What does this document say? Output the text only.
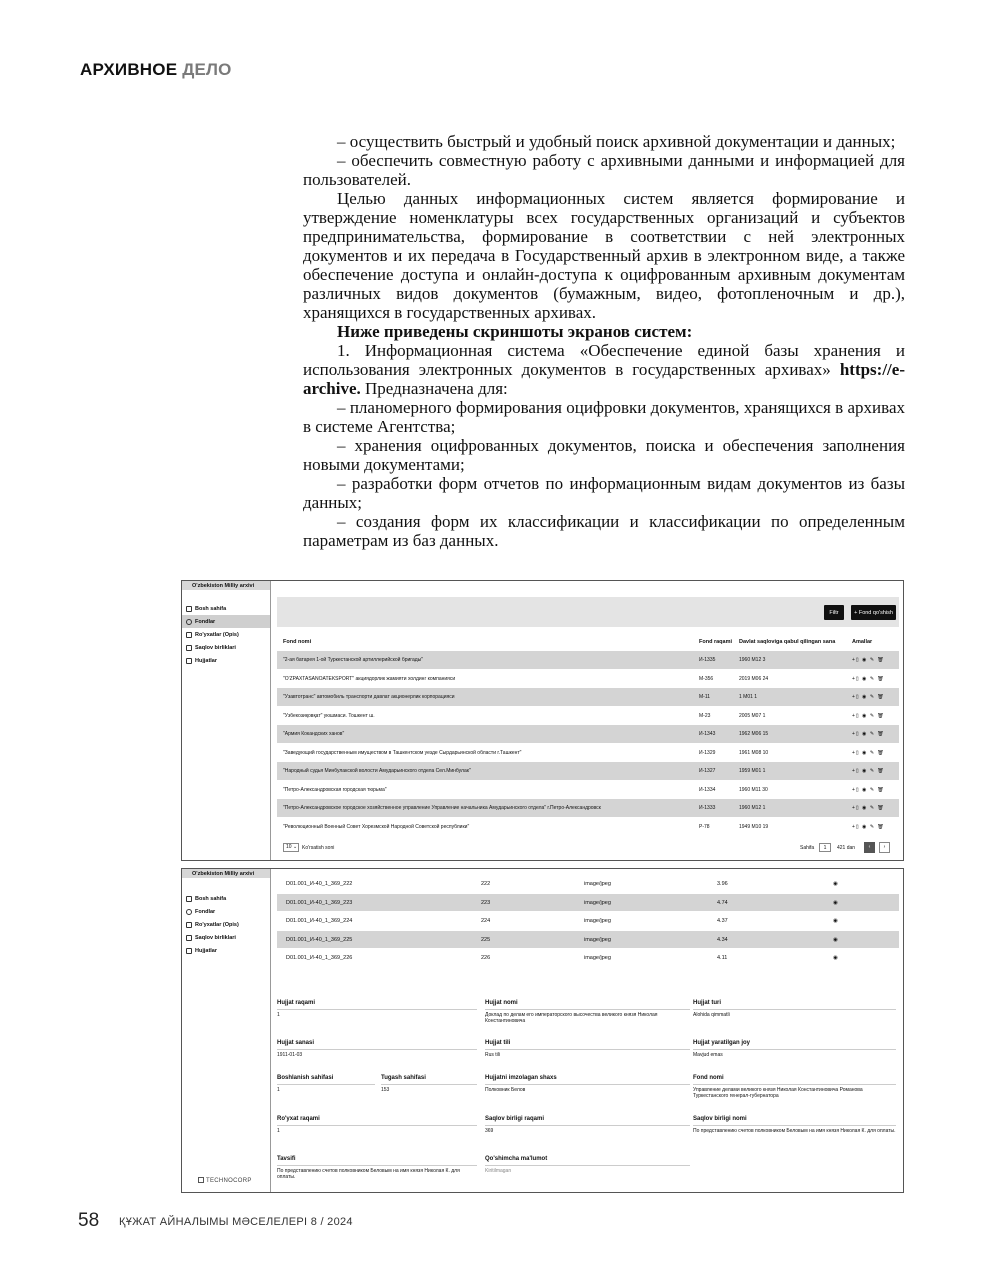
АРХИВНОЕ ДЕЛО

– осуществить быстрый и удобный поиск архивной документации и данных;

– обеспечить совместную работу с архивными данными и информацией для пользователей.

Целью данных информационных систем является формирование и утверждение номенклатуры всех государственных организаций и субъектов предпринимательства, формирование в соответствии с ней электронных документов и их передача в Государственный архив в электронном виде, а также обеспечение доступа и онлайн-доступа к оцифрованным архивным документам различных видов документов (бумажным, видео, фотопленочным и др.), хранящихся в государственных архивах.

Ниже приведены скриншоты экранов систем:

1. Информационная система «Обеспечение единой базы хранения и использования электронных документов в государственных архивах» https://e-archive. Предназначена для:

– планомерного формирования оцифровки документов, хранящихся в архивах в системе Агентства;

– хранения оцифрованных документов, поиска и обеспечения заполнения новыми документами;

– разработки форм отчетов по информационным видам документов из базы данных;

– создания форм их классификации и классификации по определенным параметрам из баз данных.

O'zbekiston Milliy arxivi
Bosh sahifa
Fondlar
Ro'yxatlar (Opis)
Saqlov birliklari
Hujjatlar
Filtr	+ Fond qo'shish
Fond nomi	Fond raqami	Davlat saqloviga qabul qilingan sana	Amallar
"2-ая батарея 1-ой Туркестанской артиллерийской бригады"	И-1335	1960 M12 3	+▯ ◉ ✎ 🗑
"O'ZPAXTASANOATEKSPORT" акциядорлик жамияти холдинг компанияси	M-356	2019 M06 24	+▯ ◉ ✎ 🗑
"Ўзавтотранс" автомобиль транспорти давлат акционерлик корпорацияси	M-11	1 M01 1	+▯ ◉ ✎ 🗑
"Ўзбекозиқовқат" уюшмаси. Тошкент ш.	M-23	2005 M07 1	+▯ ◉ ✎ 🗑
"Армия Кокандских ханов"	И-1343	1962 M06 15	+▯ ◉ ✎ 🗑
"Заведующий государственным имуществом в Ташкентском уезде Сырдарьинской области г.Ташкент"	И-1329	1961 M08 10	+▯ ◉ ✎ 🗑
"Народный судья Минбулакской волости Амударьинского отдела Сел.Минбулак"	И-1327	1959 M01 1	+▯ ◉ ✎ 🗑
"Петро-Александровская городская тюрьма"	И-1334	1960 M11 30	+▯ ◉ ✎ 🗑
"Петро-Александровское городское хозяйственное управление Управление начальника Амударьинского отдела" г.Петро-Александровск	И-1333	1960 M12 1	+▯ ◉ ✎ 🗑
"Революционный Военный Совет Хорезмской Народной Советской республики"	P-78	1949 M10 19	+▯ ◉ ✎ 🗑
10 ⌄ Ko'rsatish soni	Sahifa	1	421 dan	‹	›
O'zbekiston Milliy arxivi
Bosh sahifa
Fondlar
Ro'yxatlar (Opis)
Saqlov birliklari
Hujjatlar
TECHNOCORP
D01.001_И-40_1_369_222	222	image/jpeg	3.96	◉
D01.001_И-40_1_369_223	223	image/jpeg	4.74	◉
D01.001_И-40_1_369_224	224	image/jpeg	4.37	◉
D01.001_И-40_1_369_225	225	image/jpeg	4.34	◉
D01.001_И-40_1_369_226	226	image/jpeg	4.11	◉
Hujjat raqami
1
Hujjat nomi
Доклад по делам его императорского высочества великого князя Николая Константиновича
Hujjat turi
Alohida qimmatli
Hujjat sanasi
1911-01-03
Hujjat tili
Rus tili
Hujjat yaratilgan joy
Mavjud emas
Boshlanish sahifasi
1
Tugash sahifasi
153
Hujjatni imzolagan shaxs
Полковник Белов
Fond nomi
Управление делами великого князя Николая Константиновича Романова Туркестанского генерал-губернатора
Ro'yxat raqami
1
Saqlov birligi raqami
369
Saqlov birligi nomi
По представлению счетов полковником Беловым на имя князя Николая К. для оплаты.
Tavsifi
По представлению счетов полковником Беловым на имя князя Николая К. для оплаты.
Qo'shimcha ma'lumot
Kiritilmagan
58 ҚҰЖАТ АЙНАЛЫМЫ МӘСЕЛЕЛЕРІ 8 / 2024
